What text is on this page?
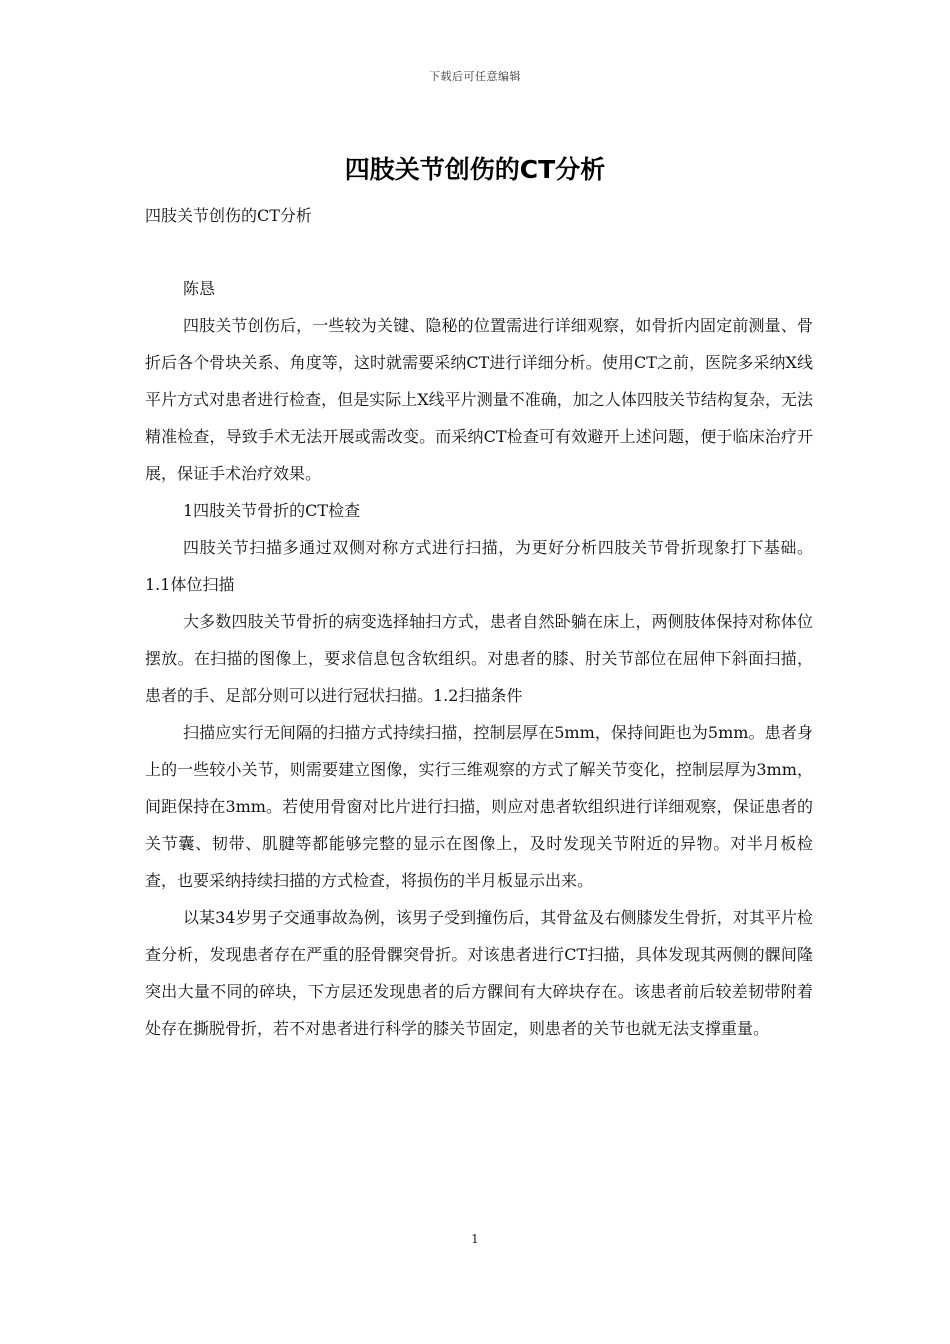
下载后可任意编辑
四肢关节创伤的CT分析

四肢关节创伤的CT分析

陈恳

四肢关节创伤后，一些较为关键、隐秘的位置需进行详细观察，如骨折内固定前测量、骨折后各个骨块关系、角度等，这时就需要采纳CT进行详细分析。使用CT之前，医院多采纳X线平片方式对患者进行检查，但是实际上X线平片测量不准确，加之人体四肢关节结构复杂，无法精准检查，导致手术无法开展或需改变。而采纳CT检查可有效避开上述问题，便于临床治疗开展，保证手术治疗效果。

1四肢关节骨折的CT检查

四肢关节扫描多通过双侧对称方式进行扫描，为更好分析四肢关节骨折现象打下基础。1.1体位扫描

大多数四肢关节骨折的病变选择轴扫方式，患者自然卧躺在床上，两侧肢体保持对称体位摆放。在扫描的图像上，要求信息包含软组织。对患者的膝、肘关节部位在屈伸下斜面扫描，患者的手、足部分则可以进行冠状扫描。1.2扫描条件

扫描应实行无间隔的扫描方式持续扫描，控制层厚在5mm，保持间距也为5mm。患者身上的一些较小关节，则需要建立图像，实行三维观察的方式了解关节变化，控制层厚为3mm，间距保持在3mm。若使用骨窗对比片进行扫描，则应对患者软组织进行详细观察，保证患者的关节囊、韧带、肌腱等都能够完整的显示在图像上，及时发现关节附近的异物。对半月板检查，也要采纳持续扫描的方式检查，将损伤的半月板显示出来。

以某34岁男子交通事故為例，该男子受到撞伤后，其骨盆及右侧膝发生骨折，对其平片检查分析，发现患者存在严重的胫骨髁突骨折。对该患者进行CT扫描，具体发现其两侧的髁间隆突出大量不同的碎块，下方层还发现患者的后方髁间有大碎块存在。该患者前后较差韧带附着处存在撕脱骨折，若不对患者进行科学的膝关节固定，则患者的关节也就无法支撑重量。

1
